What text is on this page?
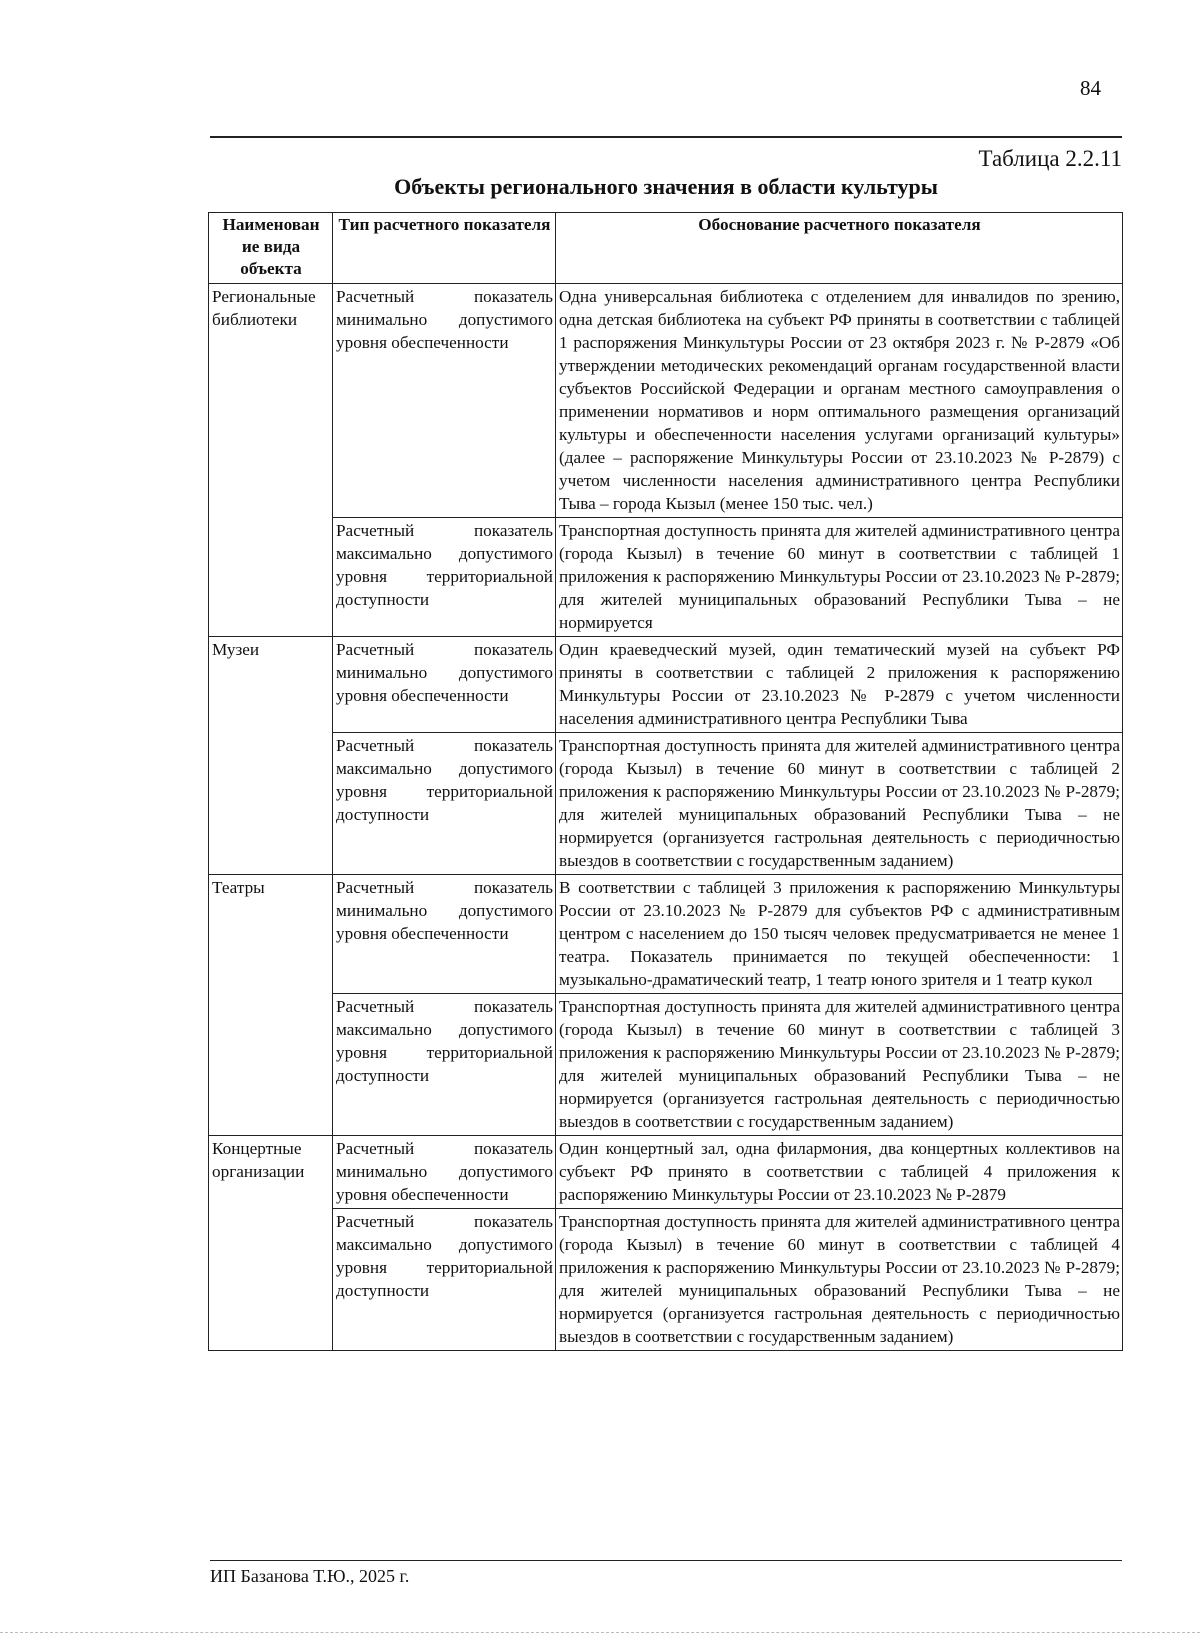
84
Таблица 2.2.11
Объекты регионального значения в области культуры
Наименован ие вида объекта	Тип расчетного показателя	Обоснование расчетного показателя
Региональные библиотеки	Расчетный показатель минимально допустимого уровня обеспеченности	Одна универсальная библиотека с отделением для инвалидов по зрению, одна детская библиотека на субъект РФ приняты в соответствии с таблицей 1 распоряжения Минкультуры России от 23 октября 2023 г. № Р-2879 «Об утверждении методических рекомендаций органам государственной власти субъектов Российской Федерации и органам местного самоуправления о применении нормативов и норм оптимального размещения организаций культуры и обеспеченности населения услугами организаций культуры» (далее – распоряжение Минкультуры России от 23.10.2023 № Р-2879) с учетом численности населения административного центра Республики Тыва – города Кызыл (менее 150 тыс. чел.)
	Расчетный показатель максимально допустимого уровня территориальной доступности	Транспортная доступность принята для жителей административного центра (города Кызыл) в течение 60 минут в соответствии с таблицей 1 приложения к распоряжению Минкультуры России от 23.10.2023 № Р-2879; для жителей муниципальных образований Республики Тыва – не нормируется
Музеи	Расчетный показатель минимально допустимого уровня обеспеченности	Один краеведческий музей, один тематический музей на субъект РФ приняты в соответствии с таблицей 2 приложения к распоряжению Минкультуры России от 23.10.2023 № Р-2879 с учетом численности населения административного центра Республики Тыва
	Расчетный показатель максимально допустимого уровня территориальной доступности	Транспортная доступность принята для жителей административного центра (города Кызыл) в течение 60 минут в соответствии с таблицей 2 приложения к распоряжению Минкультуры России от 23.10.2023 № Р-2879; для жителей муниципальных образований Республики Тыва – не нормируется (организуется гастрольная деятельность с периодичностью выездов в соответствии с государственным заданием)
Театры	Расчетный показатель минимально допустимого уровня обеспеченности	В соответствии с таблицей 3 приложения к распоряжению Минкультуры России от 23.10.2023 № Р-2879 для субъектов РФ с административным центром с населением до 150 тысяч человек предусматривается не менее 1 театра. Показатель принимается по текущей обеспеченности: 1 музыкально-драматический театр, 1 театр юного зрителя и 1 театр кукол
	Расчетный показатель максимально допустимого уровня территориальной доступности	Транспортная доступность принята для жителей административного центра (города Кызыл) в течение 60 минут в соответствии с таблицей 3 приложения к распоряжению Минкультуры России от 23.10.2023 № Р-2879; для жителей муниципальных образований Республики Тыва – не нормируется (организуется гастрольная деятельность с периодичностью выездов в соответствии с государственным заданием)
Концертные организации	Расчетный показатель минимально допустимого уровня обеспеченности	Один концертный зал, одна филармония, два концертных коллективов на субъект РФ принято в соответствии с таблицей 4 приложения к распоряжению Минкультуры России от 23.10.2023 № Р-2879
	Расчетный показатель максимально допустимого уровня территориальной доступности	Транспортная доступность принята для жителей административного центра (города Кызыл) в течение 60 минут в соответствии с таблицей 4 приложения к распоряжению Минкультуры России от 23.10.2023 № Р-2879; для жителей муниципальных образований Республики Тыва – не нормируется (организуется гастрольная деятельность с периодичностью выездов в соответствии с государственным заданием)
ИП Базанова Т.Ю., 2025 г.
